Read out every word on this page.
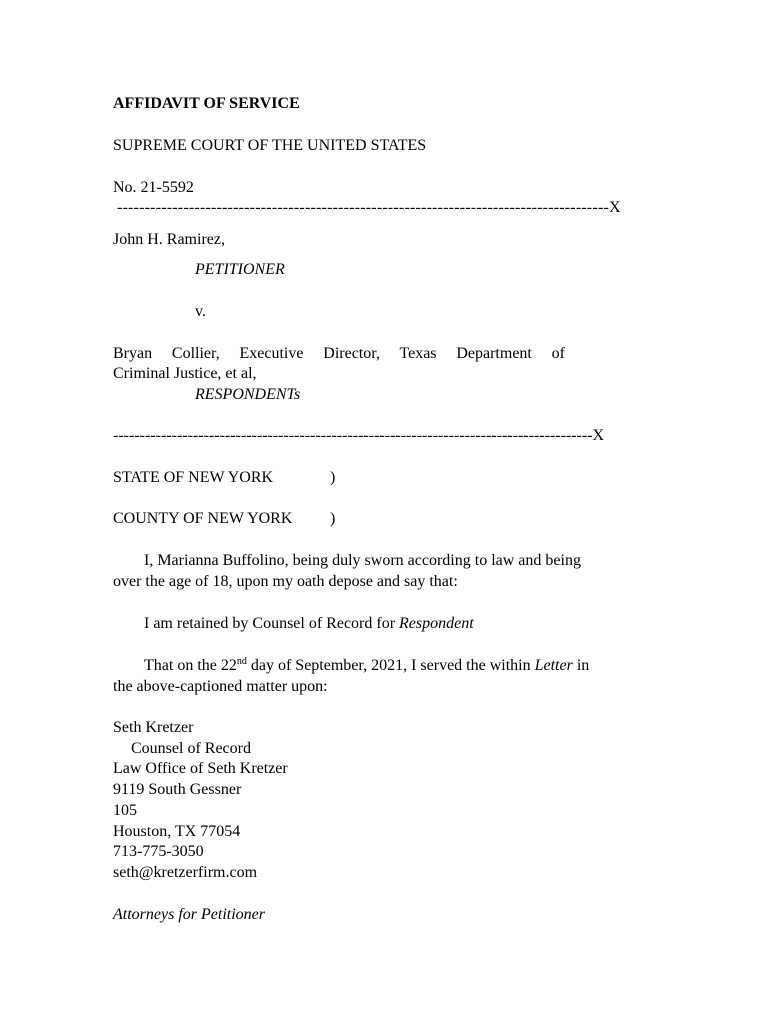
AFFIDAVIT OF SERVICE
SUPREME COURT OF THE UNITED STATES
No. 21-5592
-----------------------------------------------------------------------------------------X
John H. Ramirez,
PETITIONER
v.
Bryan Collier, Executive Director, Texas Department of
Criminal Justice, et al,
RESPONDENTs
------------------------------------------------------------------------------------------X
STATE OF NEW YORK	)
COUNTY OF NEW YORK )
I, Marianna Buffolino, being duly sworn according to law and being
over the age of 18, upon my oath depose and say that:
I am retained by Counsel of Record for Respondent
That on the 22nd day of September, 2021, I served the within Letter in
the above-captioned matter upon:
Seth Kretzer
Counsel of Record
Law Office of Seth Kretzer
9119 South Gessner
105
Houston, TX 77054
713-775-3050
seth@kretzerfirm.com
Attorneys for Petitioner
